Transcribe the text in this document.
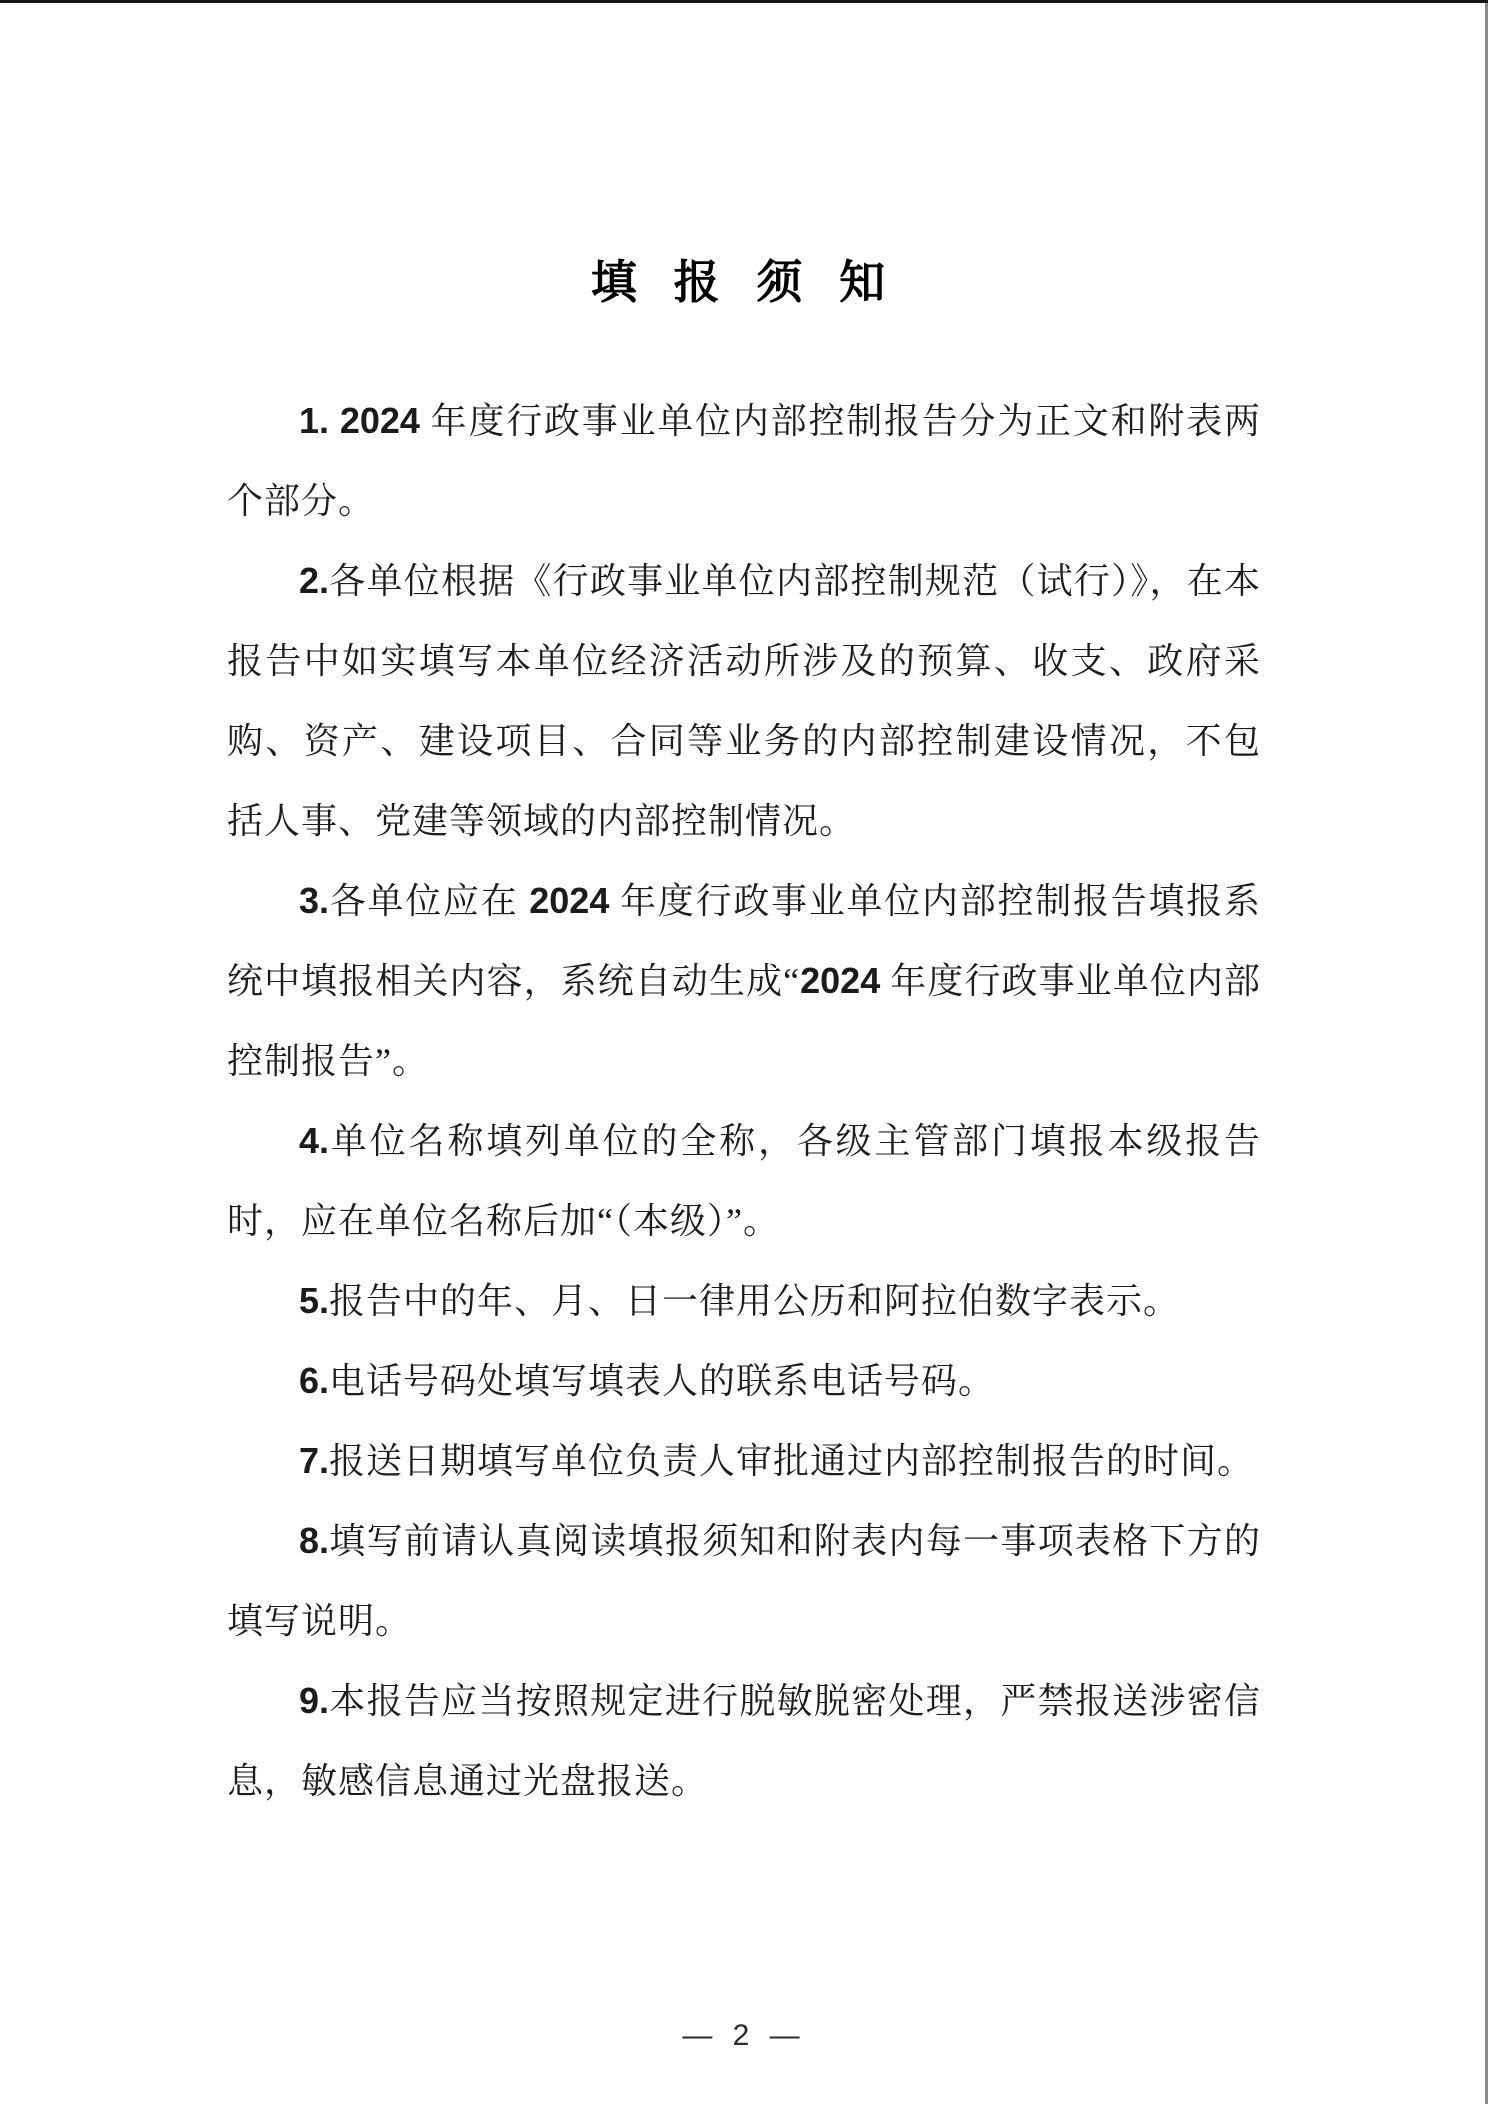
填 报 须 知

1. 2024 年度行政事业单位内部控制报告分为正文和附表两个部分。

2.各单位根据《行政事业单位内部控制规范（试行）》，在本报告中如实填写本单位经济活动所涉及的预算、收支、政府采购、资产、建设项目、合同等业务的内部控制建设情况，不包括人事、党建等领域的内部控制情况。

3.各单位应在 2024 年度行政事业单位内部控制报告填报系统中填报相关内容，系统自动生成“2024 年度行政事业单位内部控制报告”。

4.单位名称填列单位的全称，各级主管部门填报本级报告时，应在单位名称后加“（本级）”。

5.报告中的年、月、日一律用公历和阿拉伯数字表示。

6.电话号码处填写填表人的联系电话号码。

7.报送日期填写单位负责人审批通过内部控制报告的时间。

8.填写前请认真阅读填报须知和附表内每一事项表格下方的填写说明。

9.本报告应当按照规定进行脱敏脱密处理，严禁报送涉密信息，敏感信息通过光盘报送。

— 2 —
